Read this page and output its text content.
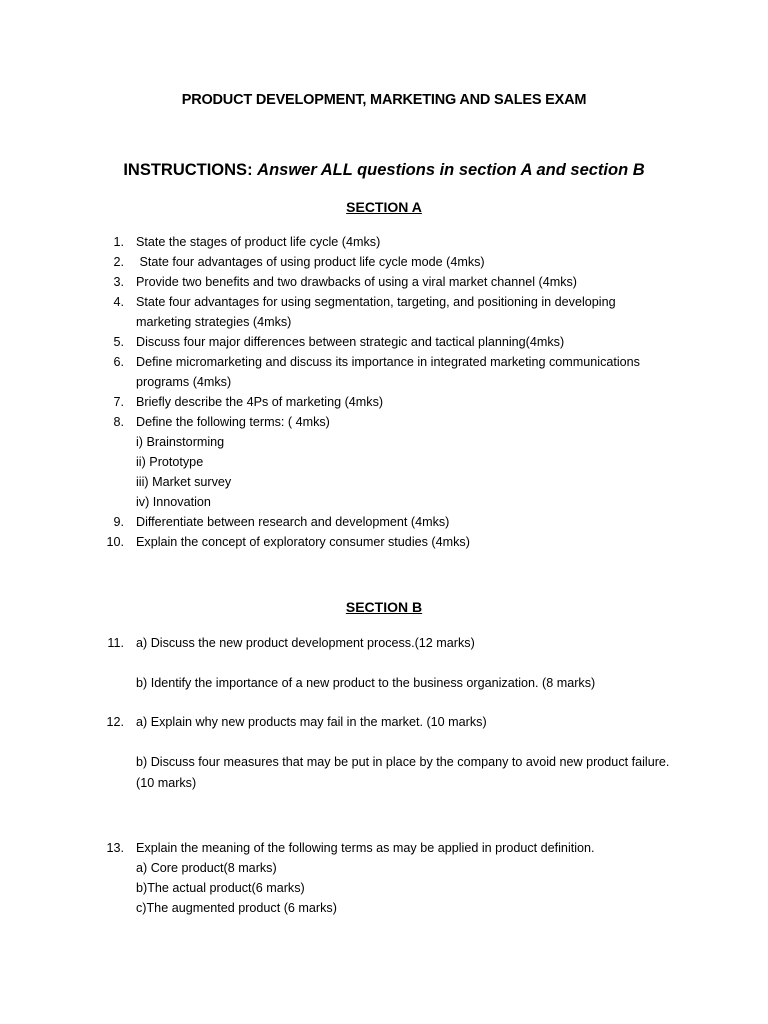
PRODUCT DEVELOPMENT, MARKETING AND SALES EXAM
INSTRUCTIONS: Answer ALL questions in section A and section B
SECTION A
1. State the stages of product life cycle (4mks)
2. State four advantages of using product life cycle mode (4mks)
3. Provide two benefits and two drawbacks of using a viral market channel (4mks)
4. State four advantages for using segmentation, targeting, and positioning in developing
marketing strategies (4mks)
5. Discuss four major differences between strategic and tactical planning(4mks)
6. Define micromarketing and discuss its importance in integrated marketing communications
programs (4mks)
7. Briefly describe the 4Ps of marketing (4mks)
8. Define the following terms: ( 4mks)
i) Brainstorming
ii) Prototype
iii) Market survey
iv) Innovation
9. Differentiate between research and development (4mks)
10. Explain the concept of exploratory consumer studies (4mks)
SECTION B
11. a) Discuss the new product development process.(12 marks)
b) Identify the importance of a new product to the business organization. (8 marks)
12. a) Explain why new products may fail in the market. (10 marks)
b) Discuss four measures that may be put in place by the company to avoid new product failure.
(10 marks)
13. Explain the meaning of the following terms as may be applied in product definition.
a) Core product(8 marks)
b)The actual product(6 marks)
c)The augmented product (6 marks)
